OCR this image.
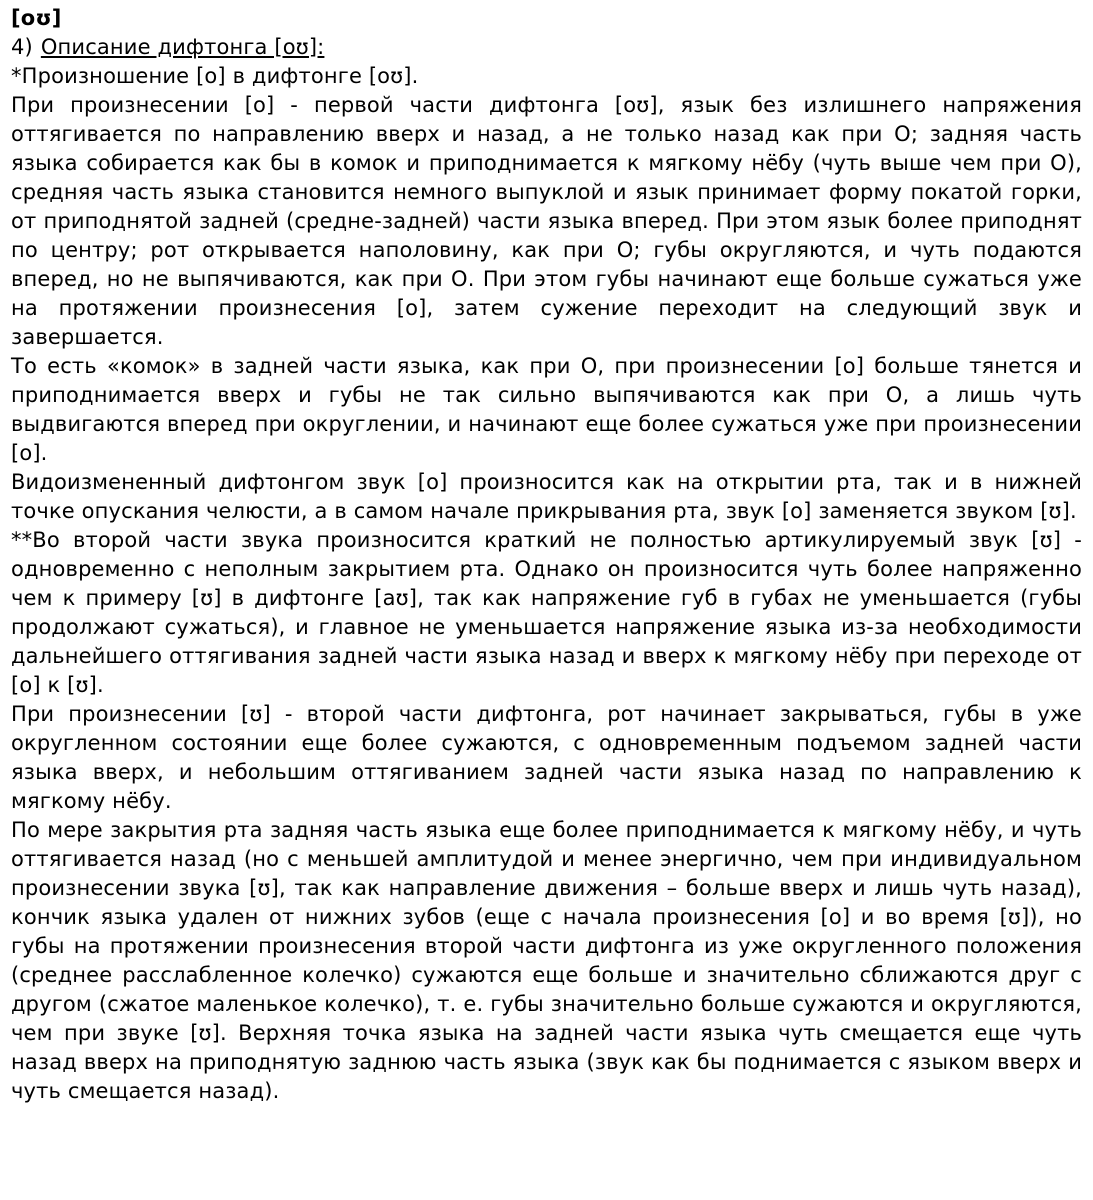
[oʊ]

4) Описание дифтонга [oʊ]:

*Произношение [o] в дифтонге [oʊ].

При произнесении [o] - первой части дифтонга [oʊ], язык без излишнего напряжения оттягивается по направлению вверх и назад, а не только назад как при О; задняя часть языка собирается как бы в комок и приподнимается к мягкому нёбу (чуть выше чем при О), средняя часть языка становится немного выпуклой и язык принимает форму покатой горки, от приподнятой задней (средне-задней) части языка вперед. При этом язык более приподнят по центру; рот открывается наполовину, как при О; губы округляются, и чуть подаются вперед, но не выпячиваются, как при О. При этом губы начинают еще больше сужаться уже на протяжении произнесения [o], затем сужение переходит на следующий звук и завершается.

То есть «комок» в задней части языка, как при О, при произнесении [o] больше тянется и приподнимается вверх и губы не так сильно выпячиваются как при О, а лишь чуть выдвигаются вперед при округлении, и начинают еще более сужаться уже при произнесении [o].

Видоизмененный дифтонгом звук [o] произносится как на открытии рта, так и в нижней точке опускания челюсти, а в самом начале прикрывания рта, звук [o] заменяется звуком [ʊ].

**Во второй части звука произносится краткий не полностью артикулируемый звук [ʊ] - одновременно с неполным закрытием рта. Однако он произносится чуть более напряженно чем к примеру [ʊ] в дифтонге [aʊ], так как напряжение губ в губах не уменьшается (губы продолжают сужаться), и главное не уменьшается напряжение языка из-за необходимости дальнейшего оттягивания задней части языка назад и вверх к мягкому нёбу при переходе от [o] к [ʊ].

При произнесении [ʊ] - второй части дифтонга, рот начинает закрываться, губы в уже округленном состоянии еще более сужаются, с одновременным подъемом задней части языка вверх, и небольшим оттягиванием задней части языка назад по направлению к мягкому нёбу.

По мере закрытия рта задняя часть языка еще более приподнимается к мягкому нёбу, и чуть оттягивается назад (но с меньшей амплитудой и менее энергично, чем при индивидуальном произнесении звука [ʊ], так как направление движения – больше вверх и лишь чуть назад), кончик языка удален от нижних зубов (еще с начала произнесения [o] и во время [ʊ]), но губы на протяжении произнесения второй части дифтонга из уже округленного положения (среднее расслабленное колечко) сужаются еще больше и значительно сближаются друг с другом (сжатое маленькое колечко), т. е. губы значительно больше сужаются и округляются, чем при звуке [ʊ]. Верхняя точка языка на задней части языка чуть смещается еще чуть назад вверх на приподнятую заднюю часть языка (звук как бы поднимается с языком вверх и чуть смещается назад).
